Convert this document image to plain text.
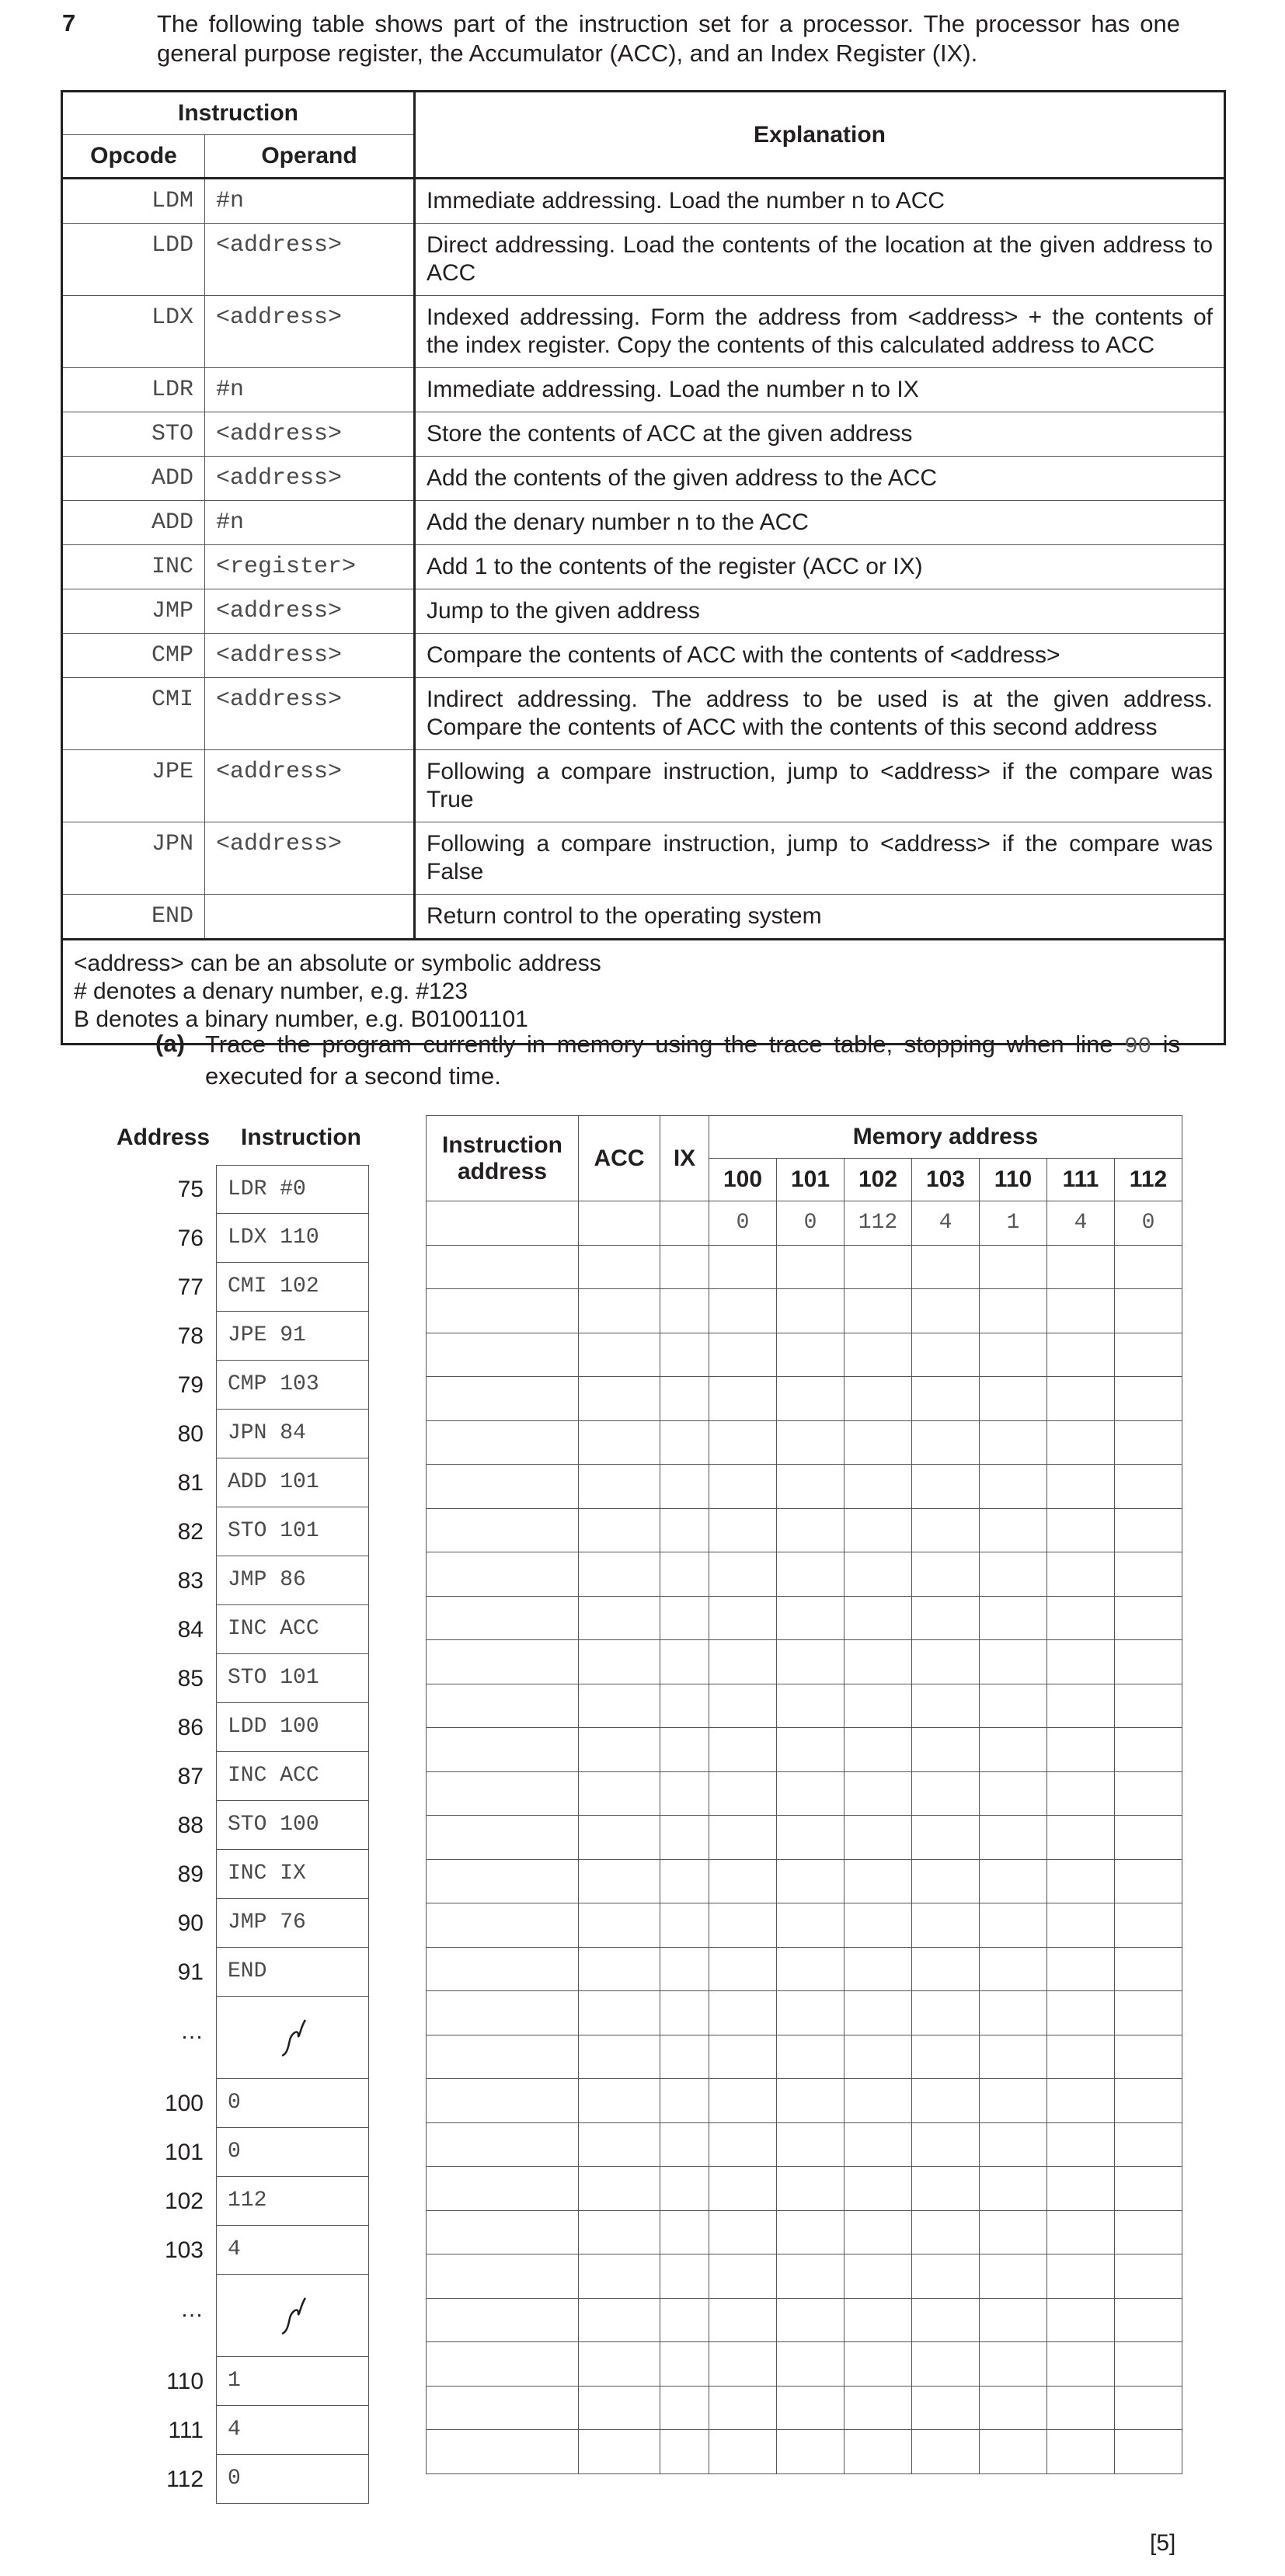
7	The following table shows part of the instruction set for a processor. The processor has one general purpose register, the Accumulator (ACC), and an Index Register (IX).

Instruction		Explanation
Opcode	Operand	
LDM	#n	Immediate addressing. Load the number n to ACC
LDD	<address>	Direct addressing. Load the contents of the location at the given address to ACC
LDX	<address>	Indexed addressing. Form the address from <address> + the contents of the index register. Copy the contents of this calculated address to ACC
LDR	#n	Immediate addressing. Load the number n to IX
STO	<address>	Store the contents of ACC at the given address
ADD	<address>	Add the contents of the given address to the ACC
ADD	#n	Add the denary number n to the ACC
INC	<register>	Add 1 to the contents of the register (ACC or IX)
JMP	<address>	Jump to the given address
CMP	<address>	Compare the contents of ACC with the contents of <address>
CMI	<address>	Indirect addressing. The address to be used is at the given address. Compare the contents of ACC with the contents of this second address
JPE	<address>	Following a compare instruction, jump to <address> if the compare was True
JPN	<address>	Following a compare instruction, jump to <address> if the compare was False
END		Return control to the operating system

<address> can be an absolute or symbolic address
# denotes a denary number, e.g. #123
B denotes a binary number, e.g. B01001101		
(a) Trace the program currently in memory using the trace table, stopping when line 90 is executed for a second time.

Address Instruction
75	LDR #0
76	LDX 110
77	CMI 102
78	JPE 91
79	CMP 103
80	JPN 84
81	ADD 101
82	STO 101
83	JMP 86
84	INC ACC
85	STO 101
86	LDD 100
87	INC ACC
88	STO 100
89	INC IX
90	JMP 76
91	END
…
100	0
101	0
102	112
103	4
…
110	1
111	4
112	0
Instruction address	ACC	IX	Memory address						
			100	101	102	103	110	111	112
			0	0	112	4	1	4	0

[5]
